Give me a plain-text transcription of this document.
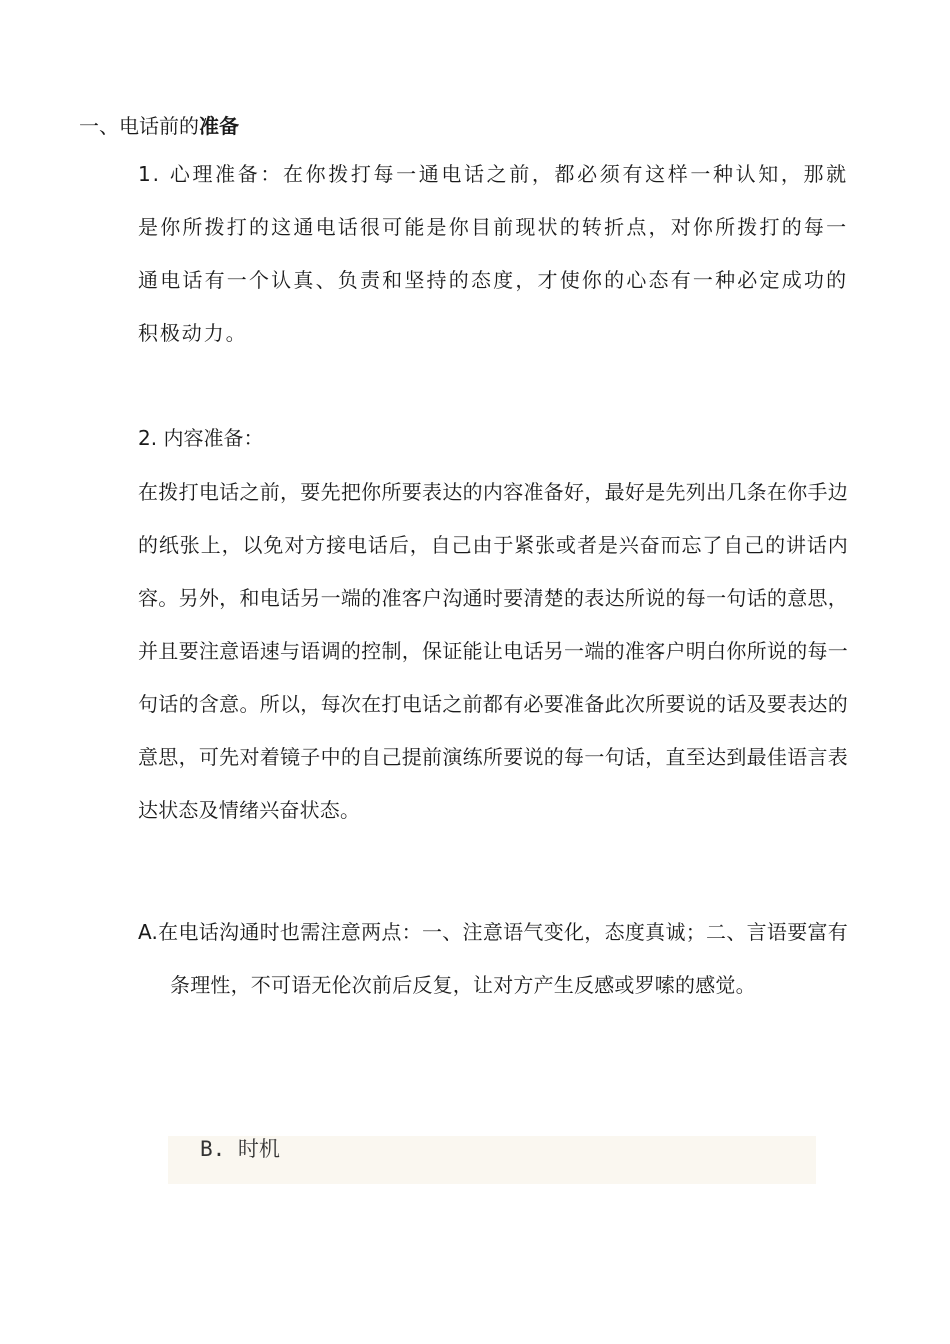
一、电话前的准备

1. 心理准备：在你拨打每一通电话之前，都必须有这样一种认知，那就是你所拨打的这通电话很可能是你目前现状的转折点，对你所拨打的每一通电话有一个认真、负责和坚持的态度，才使你的心态有一种必定成功的积极动力。

2. 内容准备：

在拨打电话之前，要先把你所要表达的内容准备好，最好是先列出几条在你手边的纸张上，以免对方接电话后，自己由于紧张或者是兴奋而忘了自己的讲话内容。另外，和电话另一端的准客户沟通时要清楚的表达所说的每一句话的意思，并且要注意语速与语调的控制，保证能让电话另一端的准客户明白你所说的每一句话的含意。所以，每次在打电话之前都有必要准备此次所要说的话及要表达的意思，可先对着镜子中的自己提前演练所要说的每一句话，直至达到最佳语言表达状态及情绪兴奋状态。

A.在电话沟通时也需注意两点：一、注意语气变化，态度真诚；二、言语要富有条理性，不可语无伦次前后反复，让对方产生反感或罗嗦的感觉。

B. 时机
